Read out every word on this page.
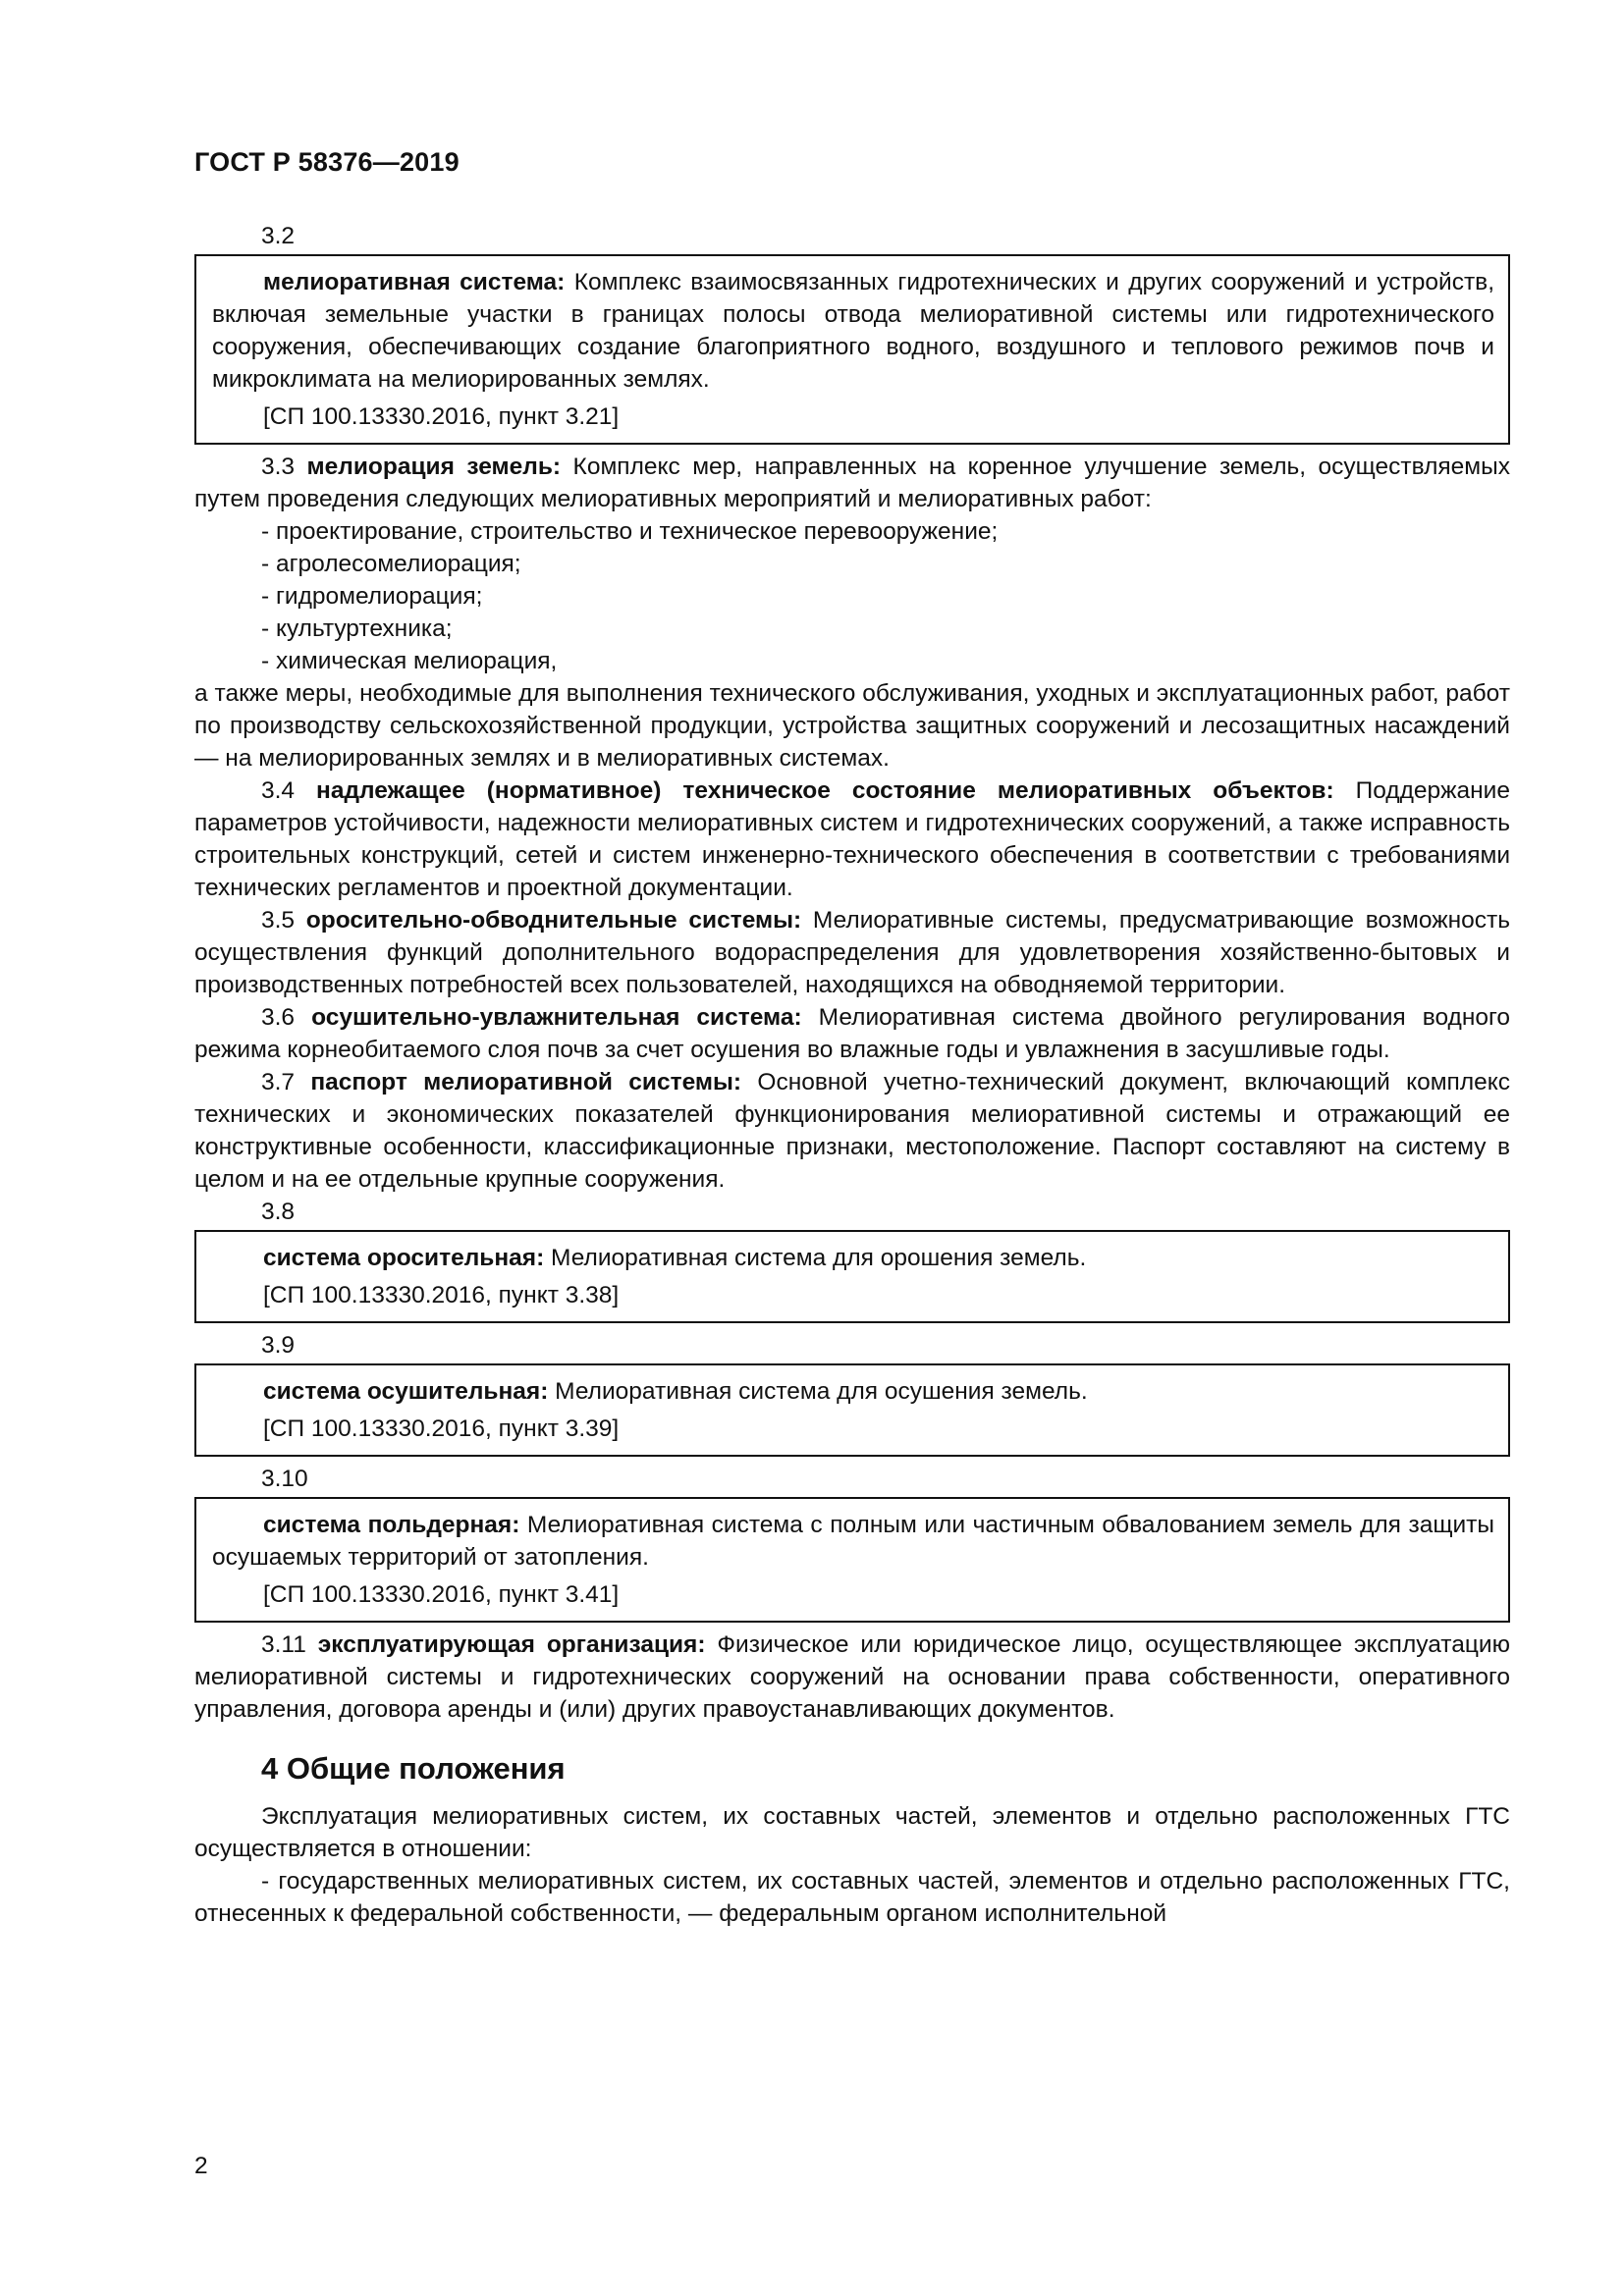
ГОСТ Р 58376—2019

3.2

мелиоративная система: Комплекс взаимосвязанных гидротехнических и других сооружений и устройств, включая земельные участки в границах полосы отвода мелиоративной системы или гидротехнического сооружения, обеспечивающих создание благоприятного водного, воздушного и теплового режимов почв и микроклимата на мелиорированных землях.

[СП 100.13330.2016, пункт 3.21]

3.3 мелиорация земель: Комплекс мер, направленных на коренное улучшение земель, осуществляемых путем проведения следующих мелиоративных мероприятий и мелиоративных работ:

- проектирование, строительство и техническое перевооружение;
- агролесомелиорация;
- гидромелиорация;
- культуртехника;
- химическая мелиорация,

а также меры, необходимые для выполнения технического обслуживания, уходных и эксплуатационных работ, работ по производству сельскохозяйственной продукции, устройства защитных сооружений и лесозащитных насаждений — на мелиорированных землях и в мелиоративных системах.

3.4 надлежащее (нормативное) техническое состояние мелиоративных объектов: Поддержание параметров устойчивости, надежности мелиоративных систем и гидротехнических сооружений, а также исправность строительных конструкций, сетей и систем инженерно-технического обеспечения в соответствии с требованиями технических регламентов и проектной документации.

3.5 оросительно-обводнительные системы: Мелиоративные системы, предусматривающие возможность осуществления функций дополнительного водораспределения для удовлетворения хозяйственно-бытовых и производственных потребностей всех пользователей, находящихся на обводняемой территории.

3.6 осушительно-увлажнительная система: Мелиоративная система двойного регулирования водного режима корнеобитаемого слоя почв за счет осушения во влажные годы и увлажнения в засушливые годы.

3.7 паспорт мелиоративной системы: Основной учетно-технический документ, включающий комплекс технических и экономических показателей функционирования мелиоративной системы и отражающий ее конструктивные особенности, классификационные признаки, местоположение. Паспорт составляют на систему в целом и на ее отдельные крупные сооружения.

3.8

система оросительная: Мелиоративная система для орошения земель.

[СП 100.13330.2016, пункт 3.38]

3.9

система осушительная: Мелиоративная система для осушения земель.

[СП 100.13330.2016, пункт 3.39]

3.10

система польдерная: Мелиоративная система с полным или частичным обвалованием земель для защиты осушаемых территорий от затопления.

[СП 100.13330.2016, пункт 3.41]

3.11 эксплуатирующая организация: Физическое или юридическое лицо, осуществляющее эксплуатацию мелиоративной системы и гидротехнических сооружений на основании права собственности, оперативного управления, договора аренды и (или) других правоустанавливающих документов.

4 Общие положения

Эксплуатация мелиоративных систем, их составных частей, элементов и отдельно расположенных ГТС осуществляется в отношении:

- государственных мелиоративных систем, их составных частей, элементов и отдельно расположенных ГТС, отнесенных к федеральной собственности, — федеральным органом исполнительной

2
